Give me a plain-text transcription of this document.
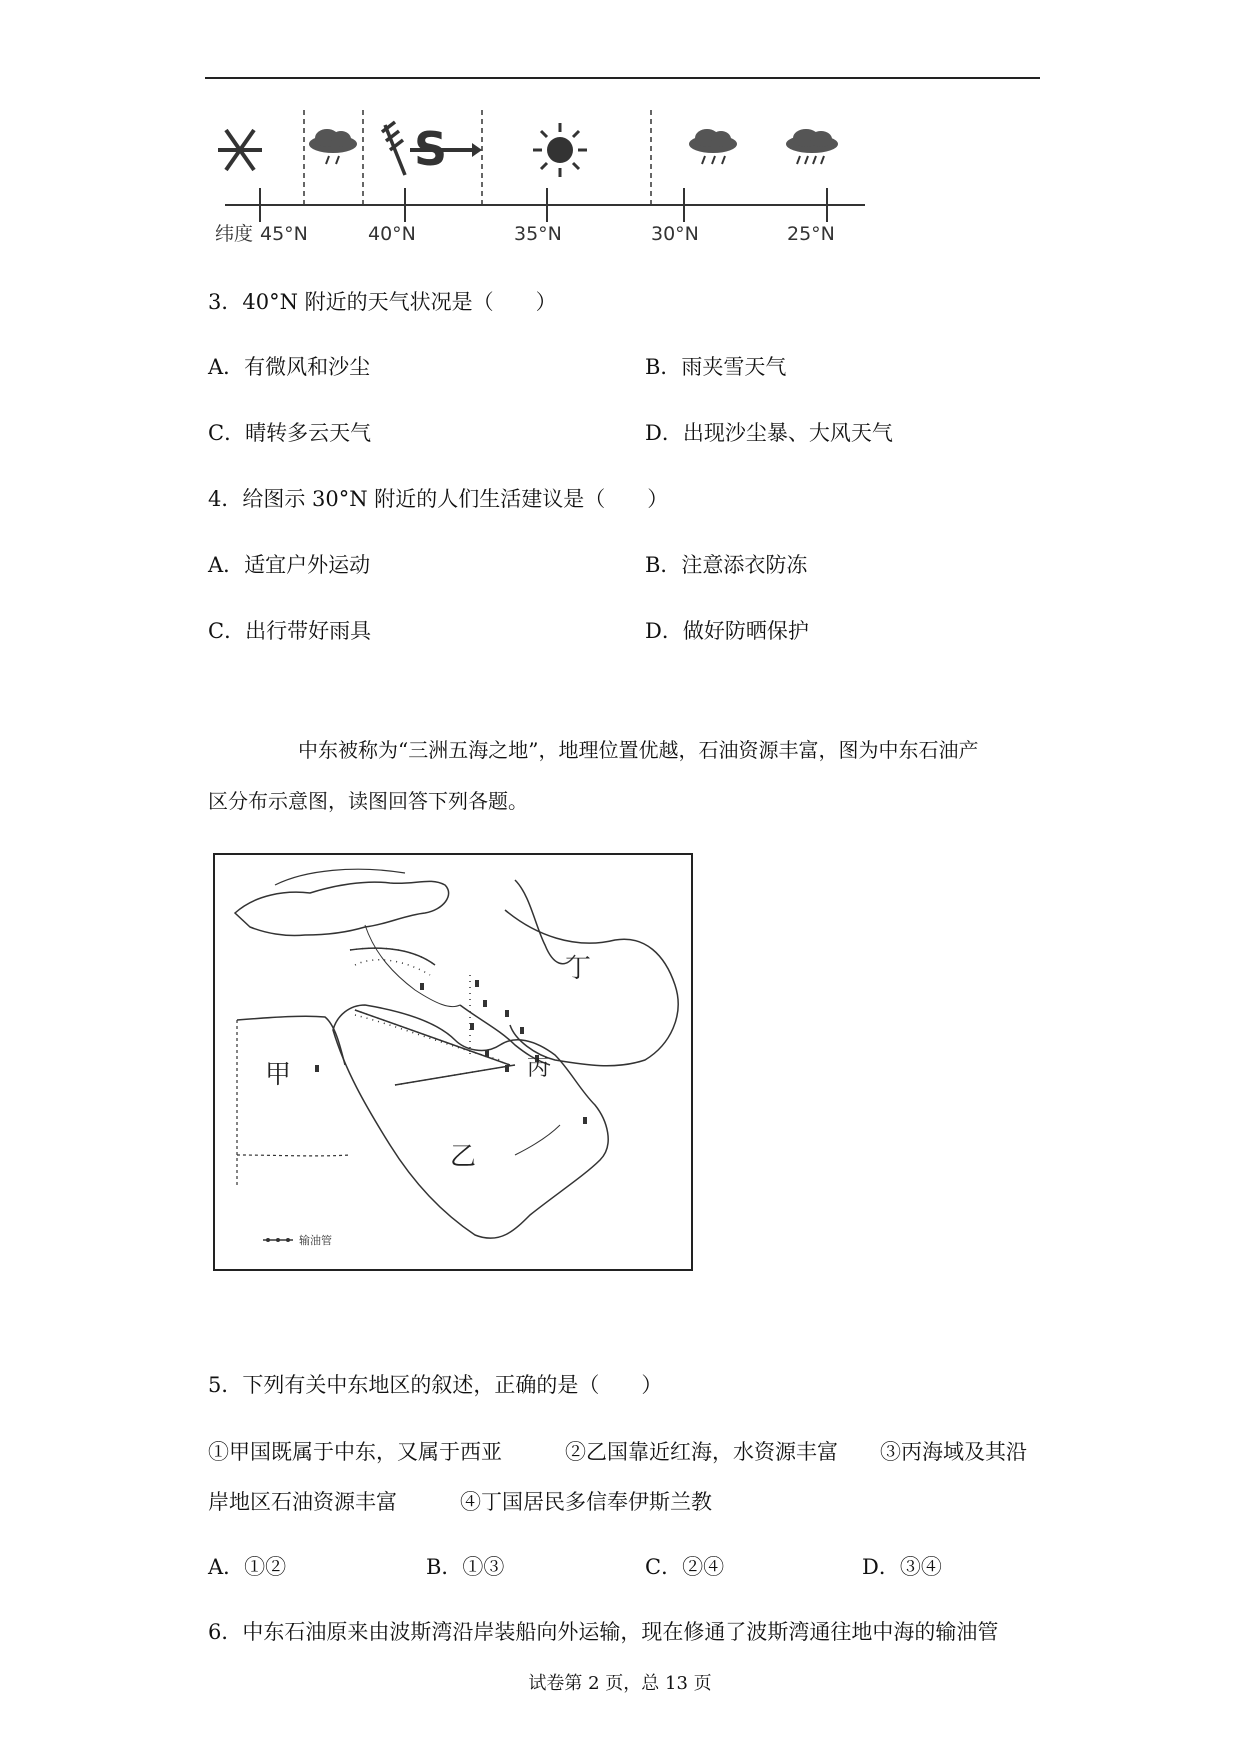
S
纬度 45°N	40°N	35°N	30°N	25°N
3．40°N 附近的天气状况是（　　）
A．有微风和沙尘	B．雨夹雪天气
C．晴转多云天气	D．出现沙尘暴、大风天气
4．给图示 30°N 附近的人们生活建议是（　　）
A．适宜户外运动	B．注意添衣防冻
C．出行带好雨具	D．做好防晒保护
中东被称为“三洲五海之地”，地理位置优越，石油资源丰富，图为中东石油产
区分布示意图，读图回答下列各题。
甲
乙
丙
丁
输油管
5．下列有关中东地区的叙述，正确的是（　　）
①甲国既属于中东，又属于西亚　　　②乙国靠近红海，水资源丰富　　③丙海域及其沿
岸地区石油资源丰富　　　④丁国居民多信奉伊斯兰教
A．①②	B．①③	C．②④	D．③④
6．中东石油原来由波斯湾沿岸装船向外运输，现在修通了波斯湾通往地中海的输油管
试卷第 2 页，总 13 页
